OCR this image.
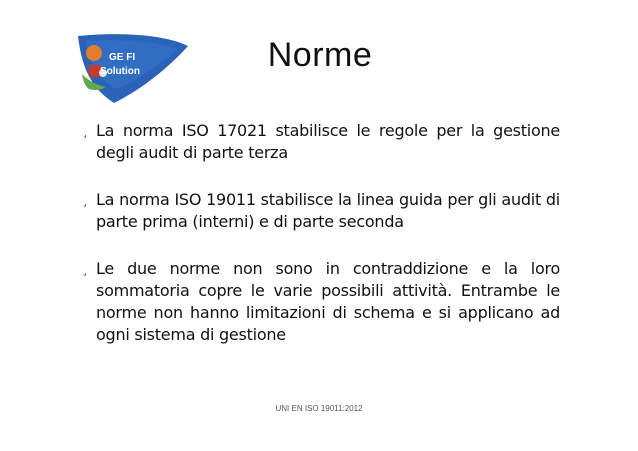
GE FI
Solution	Norme
¸ La norma ISO 17021 stabilisce le regole per la gestione degli audit di parte terza
¸ La norma ISO 19011 stabilisce la linea guida per gli audit di parte prima (interni) e di parte seconda
¸ Le due norme non sono in contraddizione e la loro sommatoria copre le varie possibili attività. Entrambe le norme non hanno limitazioni di schema e si applicano ad ogni sistema di gestione
UNI EN ISO 19011:2012
